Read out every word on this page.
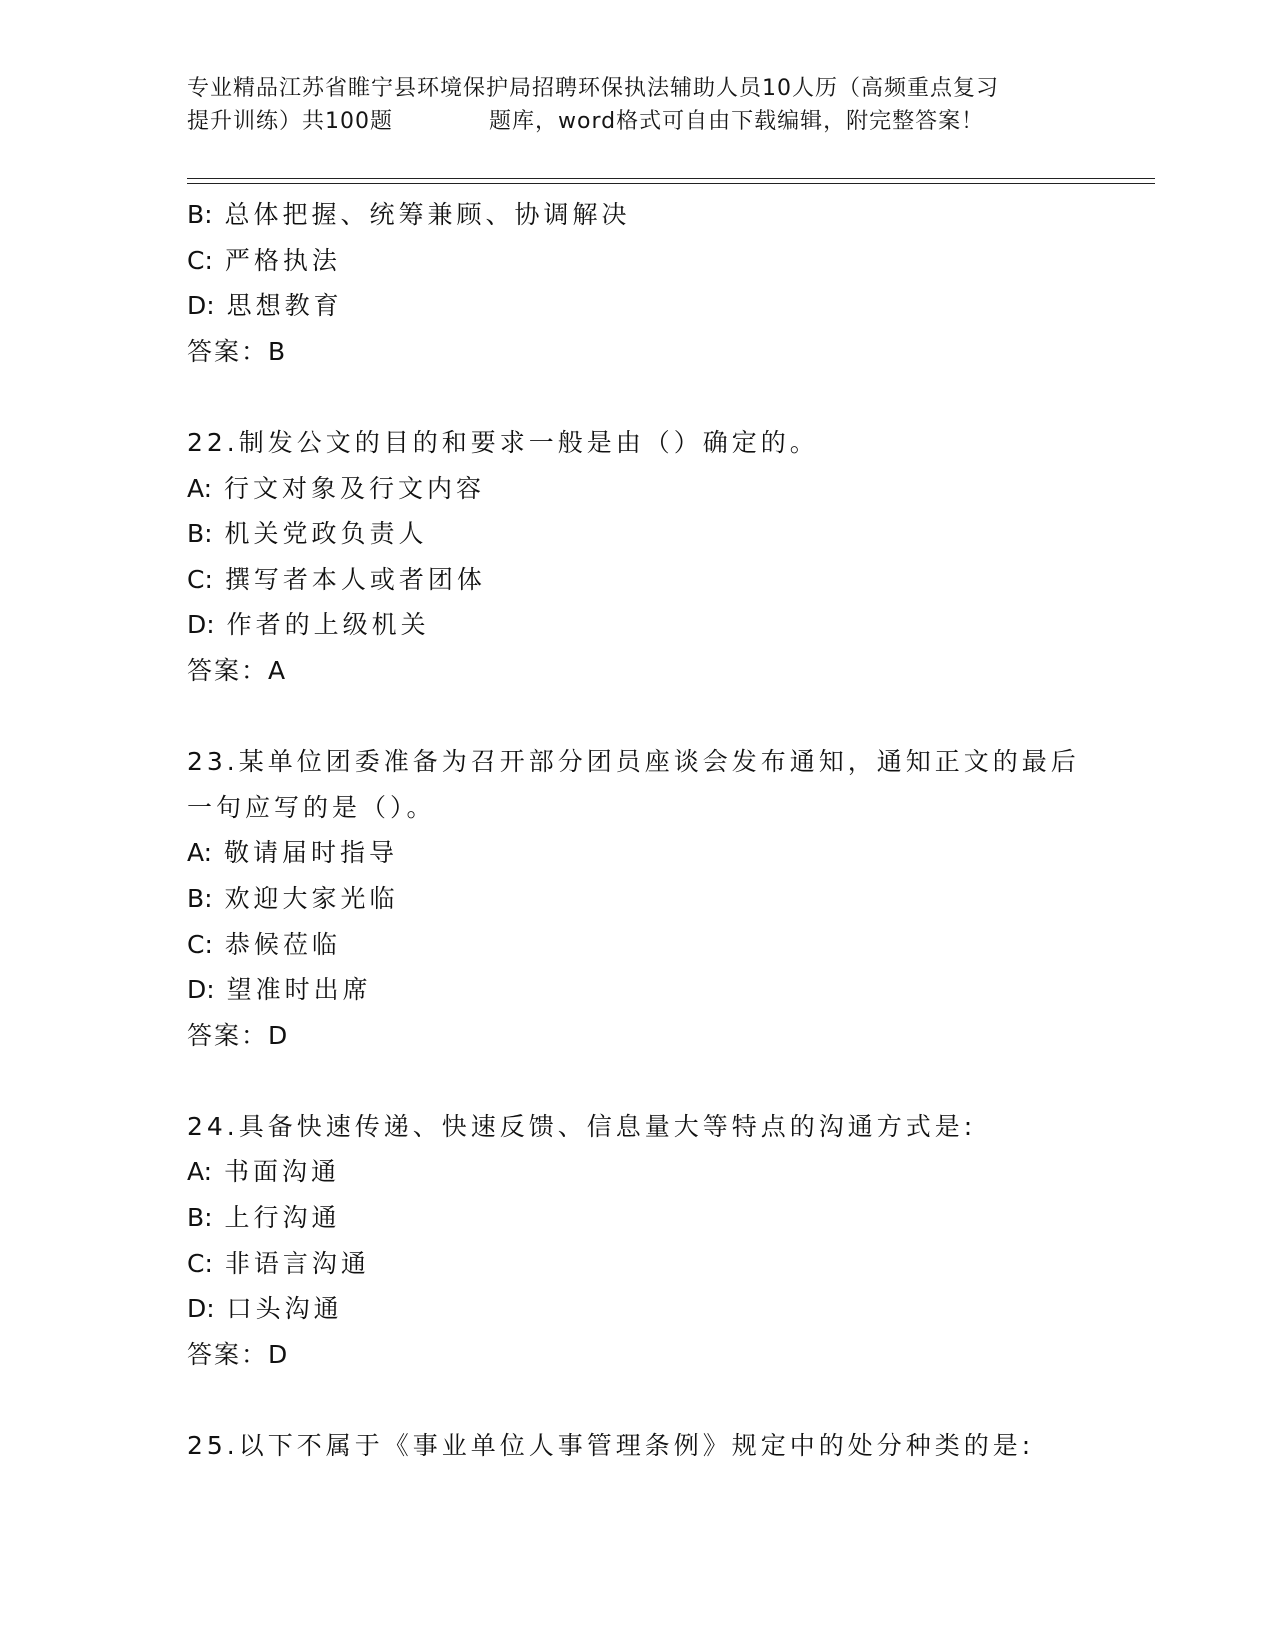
专业精品江苏省睢宁县环境保护局招聘环保执法辅助人员10人历（高频重点复习
提升训练）共100题	题库，word格式可自由下载编辑，附完整答案！
B: 总体把握、统筹兼顾、协调解决
C: 严格执法
D: 思想教育
答案：B
22.制发公文的目的和要求一般是由（）确定的。
A: 行文对象及行文内容
B: 机关党政负责人
C: 撰写者本人或者团体
D: 作者的上级机关
答案：A
23.某单位团委准备为召开部分团员座谈会发布通知，通知正文的最后
一句应写的是（）。
A: 敬请届时指导
B: 欢迎大家光临
C: 恭候莅临
D: 望准时出席
答案：D
24.具备快速传递、快速反馈、信息量大等特点的沟通方式是:
A: 书面沟通
B: 上行沟通
C: 非语言沟通
D: 口头沟通
答案：D
25.以下不属于《事业单位人事管理条例》规定中的处分种类的是:
